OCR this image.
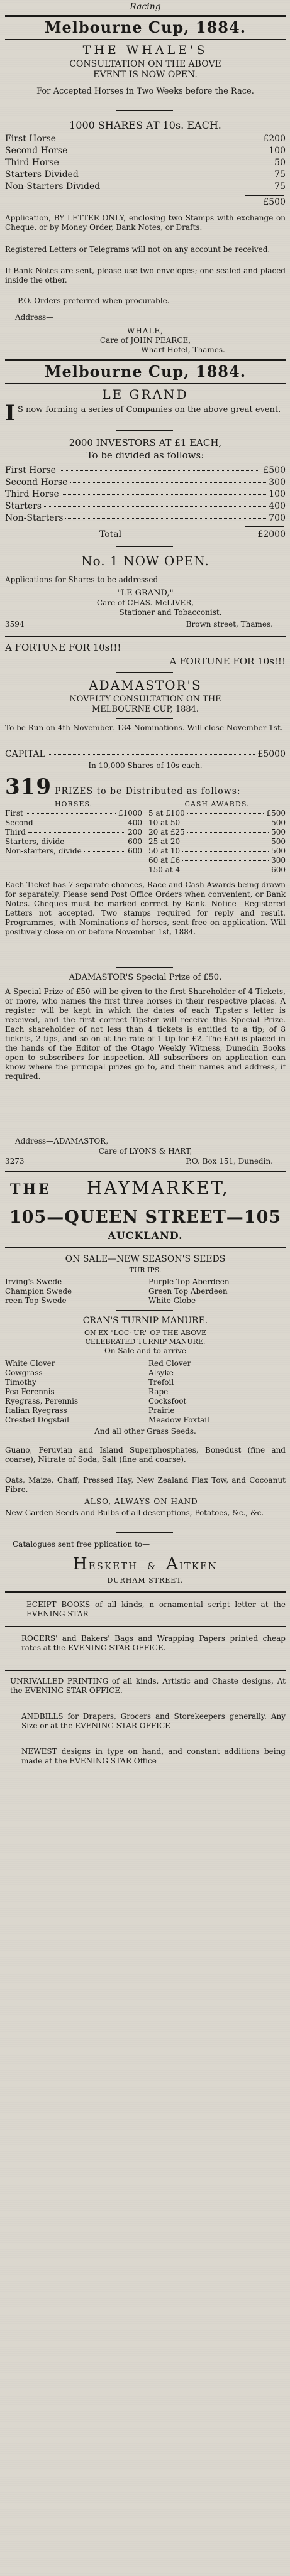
Racing
Melbourne Cup, 1884.
THE WHALE'S
CONSULTATION ON THE ABOVE
EVENT IS NOW OPEN.
For Accepted Horses in Two Weeks before the Race.
1000 SHARES AT 10s. EACH.
First Horse	£200
Second Horse	100
Third Horse	50
Starters Divided	75
Non-Starters Divided	75
£500
Application, BY LETTER ONLY, enclosing two Stamps with exchange on Cheque, or by Money Order, Bank Notes, or Drafts.
Registered Letters or Telegrams will not on any account be received.
If Bank Notes are sent, please use two envelopes; one sealed and placed inside the other.
P.O. Orders preferred when procurable.
Address—
WHALE,
Care of JOHN PEARCE,
Wharf Hotel, Thames.
Melbourne Cup, 1884.
LE GRAND
I S now forming a series of Companies on the above great event.
2000 INVESTORS AT £1 EACH,
To be divided as follows:
First Horse	£500
Second Horse	300
Third Horse	100
Starters	400
Non-Starters	700
Total	£2000
No. 1 NOW OPEN.
Applications for Shares to be addressed—
"LE GRAND,"
Care of CHAS. McLIVER,
Stationer and Tobacconist,
3594	Brown street, Thames.
A FORTUNE FOR 10s!!!
A FORTUNE FOR 10s!!!
ADAMASTOR'S
NOVELTY CONSULTATION ON THE
MELBOURNE CUP, 1884.
To be Run on 4th November. 134 Nominations. Will close November 1st.
CAPITAL	£5000
In 10,000 Shares of 10s each.
319 PRIZES to be Distributed as follows:
HORSES.	CASH AWARDS.
First	£1000
Second	400
Third	200
Starters, divide	600
Non-starters, divide	600
5 at £100	£500
10 at 50	500
20 at £25	500
25 at 20	500
50 at 10	500
60 at £6	300
150 at 4	600
Each Ticket has 7 separate chances, Race and Cash Awards being drawn for separately. Please send Post Office Orders when convenient, or Bank Notes. Cheques must be marked correct by Bank. Notice—Registered Letters not accepted. Two stamps required for reply and result. Programmes, with Nominations of horses, sent free on application. Will positively close on or before November 1st, 1884.
ADAMASTOR'S Special Prize of £50.
A Special Prize of £50 will be given to the first Shareholder of 4 Tickets, or more, who names the first three horses in their respective places. A register will be kept in which the dates of each Tipster's letter is received, and the first correct Tipster will receive this Special Prize. Each shareholder of not less than 4 tickets is entitled to a tip; of 8 tickets, 2 tips, and so on at the rate of 1 tip for £2. The £50 is placed in the hands of the Editor of the Otago Weekly Witness, Dunedin Books open to subscribers for inspection. All subscribers on application can know where the principal prizes go to, and their names and address, if required.
Address—ADAMASTOR,
Care of LYONS & HART,
3273	P.O. Box 151, Dunedin.
THE HAYMARKET,
105—QUEEN STREET—105
AUCKLAND.
ON SALE—NEW SEASON'S SEEDS
TUR IPS.
Irving's Swede
Champion Swede
reen Top Swede
Purple Top Aberdeen
Green Top Aberdeen
White Globe
CRAN'S TURNIP MANURE.
ON EX "LOC· UR" OF THE ABOVE
CELEBRATED TURNIP MANURE.
On Sale and to arrive
White Clover
Cowgrass
Timothy
Pea Ferennis
Ryegrass, Perennis
Italian Ryegrass
Crested Dogstail
Red Clover
Alsyke
Trefoil
Rape
Cocksfoot
Prairie
Meadow Foxtail
And all other Grass Seeds.
Guano, Peruvian and Island Superphosphates, Bonedust (fine and coarse), Nitrate of Soda, Salt (fine and coarse).
Oats, Maize, Chaff, Pressed Hay, New Zealand Flax Tow, and Cocoanut Fibre.
ALSO, ALWAYS ON HAND—
New Garden Seeds and Bulbs of all descriptions, Potatoes, &c., &c.
Catalogues sent free pplication to—
HESKETH & AITKEN
DURHAM STREET.
ECEIPT BOOKS of all kinds, n ornamental script letter at the EVENING STAR
ROCERS' and Bakers' Bags and Wrapping Papers printed cheap rates at the EVENING STAR OFFICE.
UNRIVALLED PRINTING of all kinds, Artistic and Chaste designs, At the EVENING STAR OFFICE.
ANDBILLS for Drapers, Grocers and Storekeepers generally. Any Size or at the EVENING STAR OFFICE
NEWEST designs in type on hand, and constant additions being made at the EVENING STAR Office
